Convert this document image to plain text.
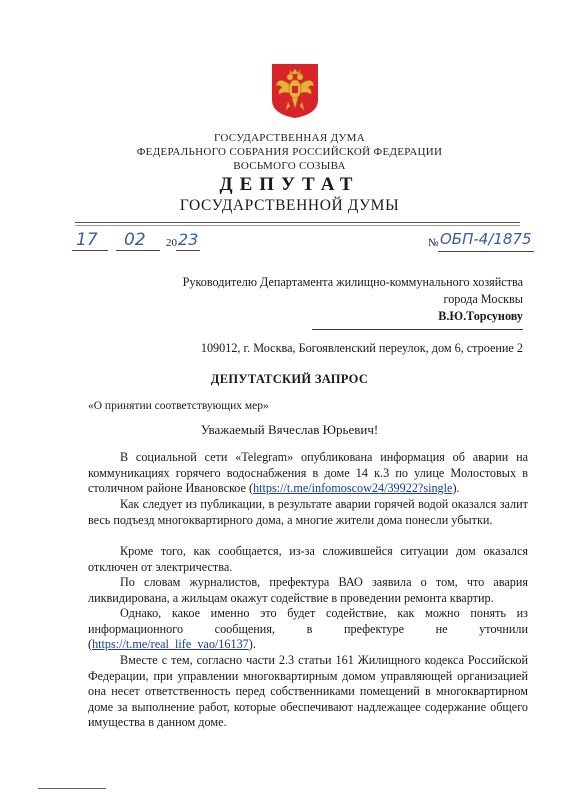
ГОСУДАРСТВЕННАЯ ДУМА
ФЕДЕРАЛЬНОГО СОБРАНИЯ РОССИЙСКОЙ ФЕДЕРАЦИИ
ВОСЬМОГО СОЗЫВА
ДЕПУТАТ
ГОСУДАРСТВЕННОЙ ДУМЫ
17 02 20 23	№ ОБП-4/1875
Руководителю Департамента жилищно-коммунального хозяйства
города Москвы
В.Ю.Торсунову
109012, г. Москва, Богоявленский переулок, дом 6, строение 2
ДЕПУТАТСКИЙ ЗАПРОС
«О принятии соответствующих мер»
Уважаемый Вячеслав Юрьевич!
В социальной сети «Telegram» опубликована информация об аварии на коммуникациях горячего водоснабжения в доме 14 к.3 по улице Молостовых в столичном районе Ивановское (https://t.me/infomoscow24/39922?single).
Как следует из публикации, в результате аварии горячей водой оказался залит весь подъезд многоквартирного дома, а многие жители дома понесли убытки.
Кроме того, как сообщается, из-за сложившейся ситуации дом оказался отключен от электричества.
По словам журналистов, префектура ВАО заявила о том, что авария ликвидирована, а жильцам окажут содействие в проведении ремонта квартир.
Однако, какое именно это будет содействие, как можно понять из информационного сообщения, в префектуре не уточнили (https://t.me/real_life_vao/16137).
Вместе с тем, согласно части 2.3 статьи 161 Жилищного кодекса Российской Федерации, при управлении многоквартирным домом управляющей организацией она несет ответственность перед собственниками помещений в многоквартирном доме за выполнение работ, которые обеспечивают надлежащее содержание общего имущества в данном доме.
